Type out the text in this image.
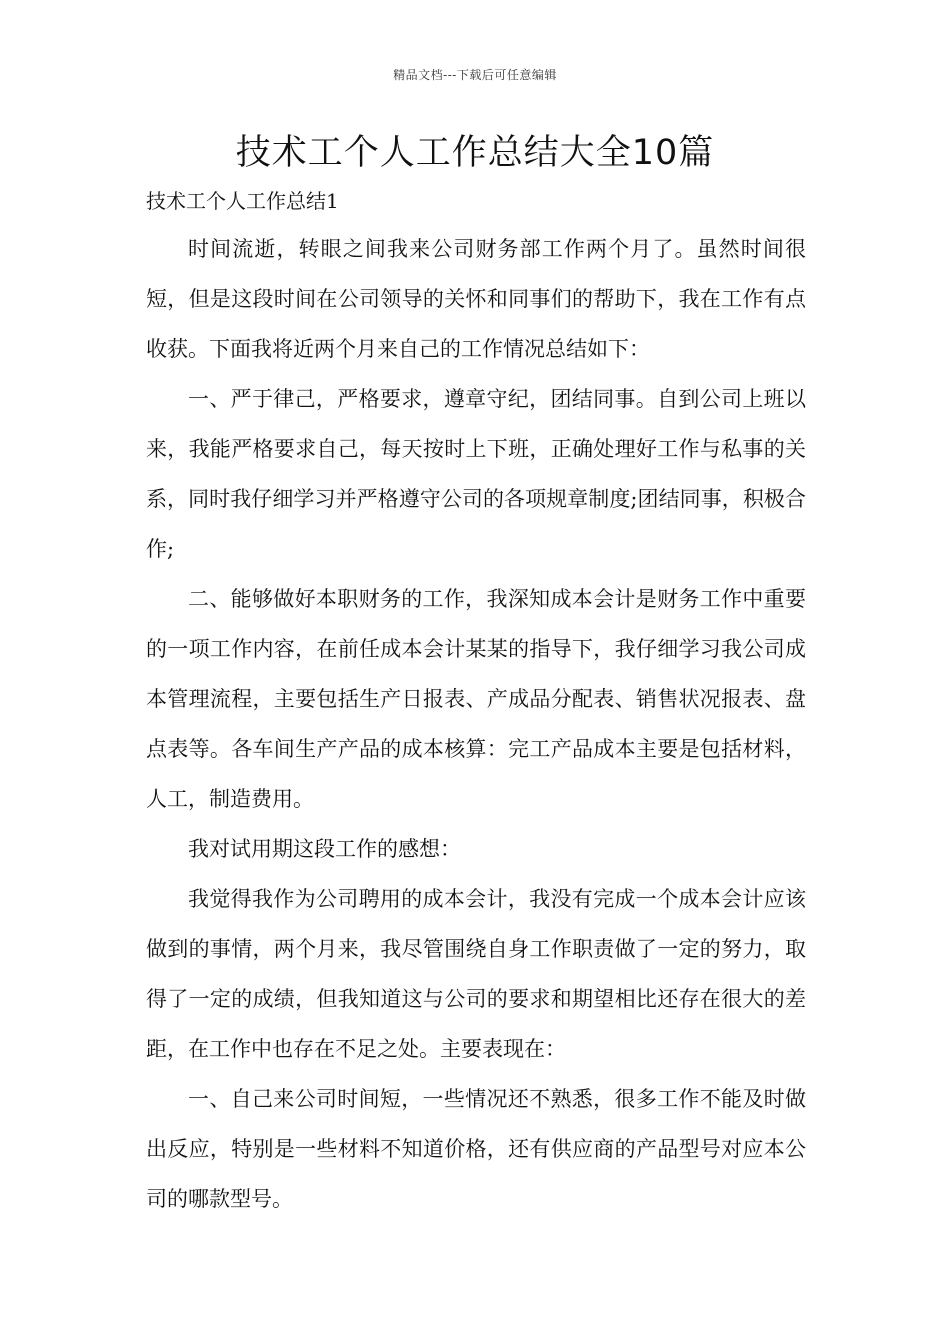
精品文档---下载后可任意编辑
技术工个人工作总结大全10篇
技术工个人工作总结1

时间流逝，转眼之间我来公司财务部工作两个月了。虽然时间很短，但是这段时间在公司领导的关怀和同事们的帮助下，我在工作有点收获。下面我将近两个月来自己的工作情况总结如下：

一、严于律己，严格要求，遵章守纪，团结同事。自到公司上班以来，我能严格要求自己，每天按时上下班，正确处理好工作与私事的关系，同时我仔细学习并严格遵守公司的各项规章制度;团结同事，积极合作;

二、能够做好本职财务的工作，我深知成本会计是财务工作中重要的一项工作内容，在前任成本会计某某的指导下，我仔细学习我公司成本管理流程，主要包括生产日报表、产成品分配表、销售状况报表、盘点表等。各车间生产产品的成本核算：完工产品成本主要是包括材料，人工，制造费用。

我对试用期这段工作的感想：

我觉得我作为公司聘用的成本会计，我没有完成一个成本会计应该做到的事情，两个月来，我尽管围绕自身工作职责做了一定的努力，取得了一定的成绩，但我知道这与公司的要求和期望相比还存在很大的差距，在工作中也存在不足之处。主要表现在：

一、自己来公司时间短，一些情况还不熟悉，很多工作不能及时做出反应，特别是一些材料不知道价格，还有供应商的产品型号对应本公司的哪款型号。
